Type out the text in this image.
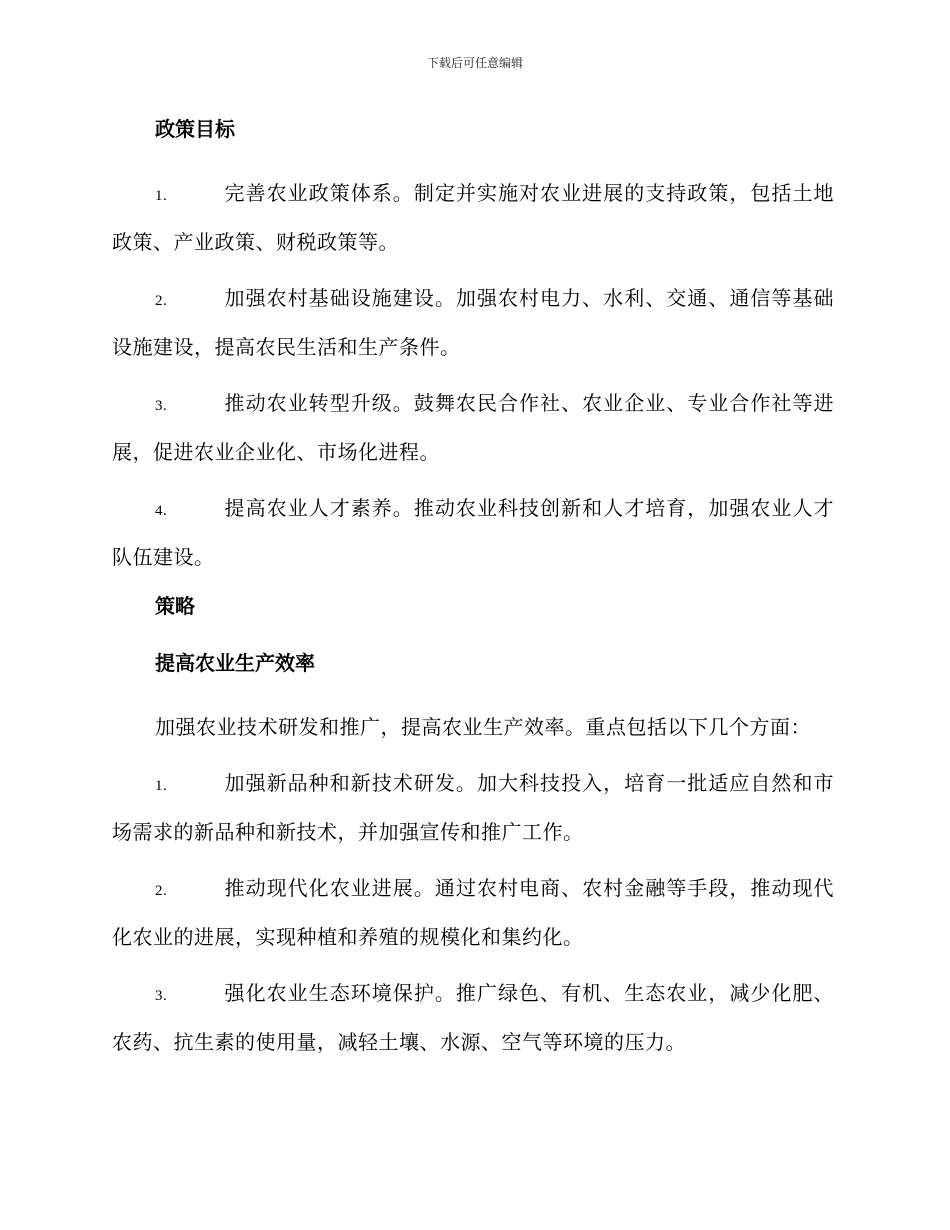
下载后可任意编辑
政策目标
1.	完善农业政策体系。制定并实施对农业进展的支持政策，包括土地政策、产业政策、财税政策等。
2.	加强农村基础设施建设。加强农村电力、水利、交通、通信等基础设施建设，提高农民生活和生产条件。
3.	推动农业转型升级。鼓舞农民合作社、农业企业、专业合作社等进展，促进农业企业化、市场化进程。
4.	提高农业人才素养。推动农业科技创新和人才培育，加强农业人才队伍建设。
策略
提高农业生产效率
加强农业技术研发和推广，提高农业生产效率。重点包括以下几个方面：
1.	加强新品种和新技术研发。加大科技投入，培育一批适应自然和市场需求的新品种和新技术，并加强宣传和推广工作。
2.	推动现代化农业进展。通过农村电商、农村金融等手段，推动现代化农业的进展，实现种植和养殖的规模化和集约化。
3.	强化农业生态环境保护。推广绿色、有机、生态农业，减少化肥、农药、抗生素的使用量，减轻土壤、水源、空气等环境的压力。
